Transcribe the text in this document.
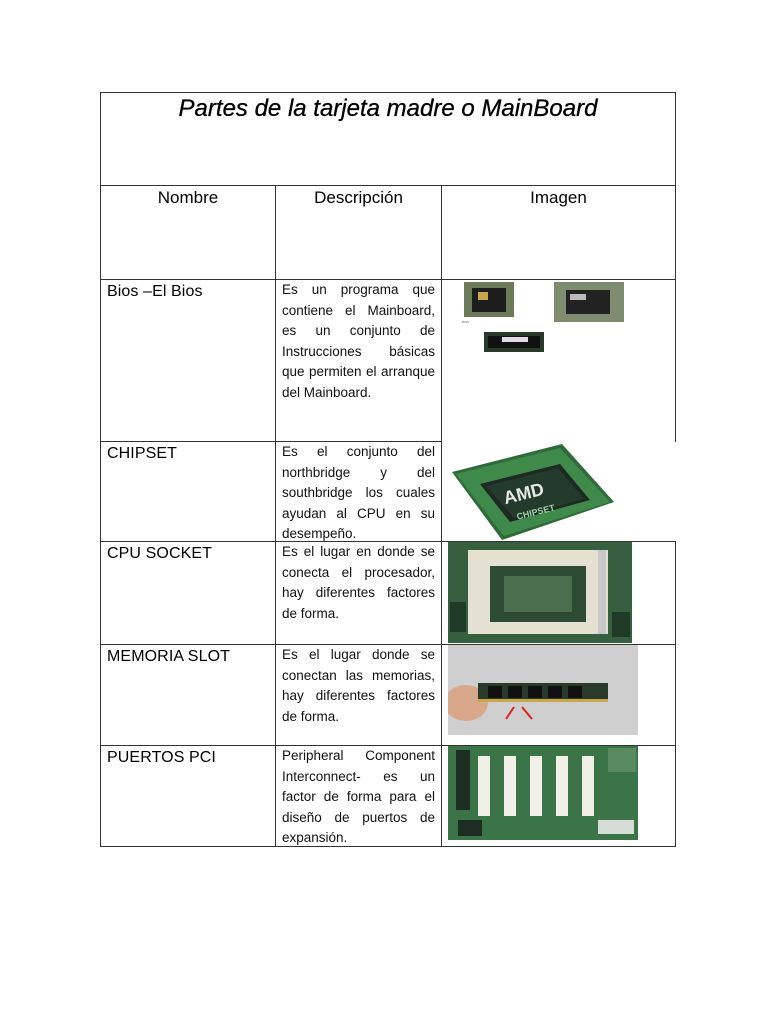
Partes de la tarjeta madre o MainBoard
Nombre	Descripción	Imagen
Bios –El Bios	Es un programa que contiene el Mainboard, es un conjunto de Instrucciones básicas que permiten el arranque del Mainboard.
BIOS
CHIPSET	Es el conjunto del northbridge y del southbridge los cuales ayudan al CPU en su desempeño.
AMD
CHIPSET
CPU SOCKET	Es el lugar en donde se conecta el procesador, hay diferentes factores de forma.
MEMORIA SLOT	Es el lugar donde se conectan las memorias, hay diferentes factores de forma.
PUERTOS PCI	Peripheral Component Interconnect- es un factor de forma para el diseño de puertos de expansión.
